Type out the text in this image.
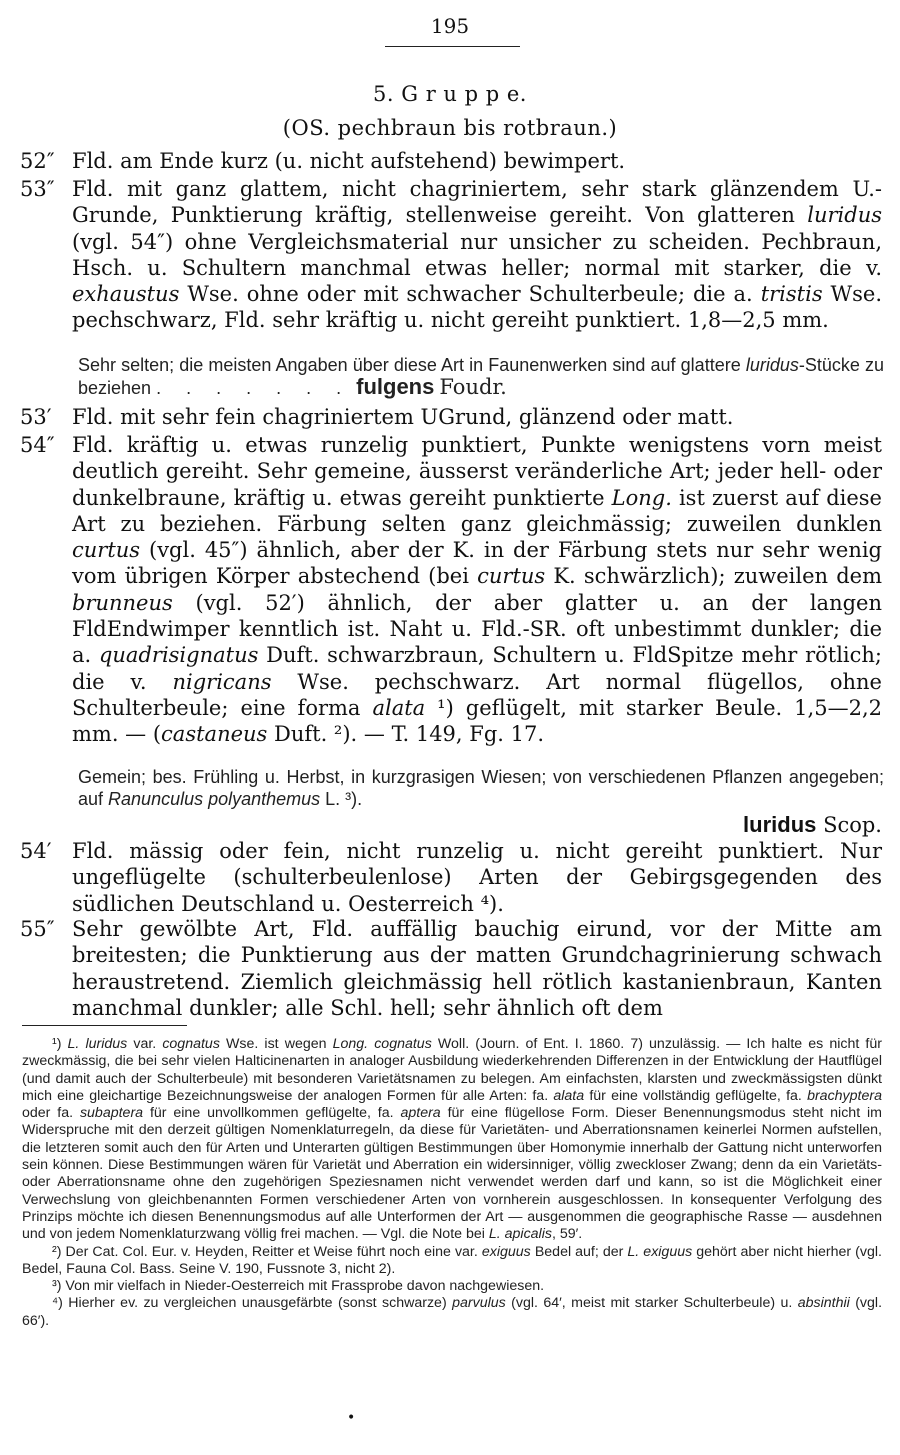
195
5. G r u p p e.
(OS. pechbraun bis rotbraun.)
52″ Fld. am Ende kurz (u. nicht aufstehend) bewimpert.
53″ Fld. mit ganz glattem, nicht chagriniertem, sehr stark glänzendem U.-Grunde, Punktierung kräftig, stellenweise gereiht. Von glatteren luridus (vgl. 54″) ohne Vergleichsmaterial nur unsicher zu scheiden. Pechbraun, Hsch. u. Schultern manchmal etwas heller; normal mit starker, die v. exhaustus Wse. ohne oder mit schwacher Schulterbeule; die a. tristis Wse. pechschwarz, Fld. sehr kräftig u. nicht gereiht punktiert. 1,8—2,5 mm.
Sehr selten; die meisten Angaben über diese Art in Faunenwerken sind auf glattere luridus-Stücke zu beziehen . . . . . . . fulgens Foudr.
53′ Fld. mit sehr fein chagriniertem UGrund, glänzend oder matt.
54″ Fld. kräftig u. etwas runzelig punktiert, Punkte wenigstens vorn meist deutlich gereiht. Sehr gemeine, äusserst veränderliche Art; jeder hell- oder dunkelbraune, kräftig u. etwas gereiht punktierte Long. ist zuerst auf diese Art zu beziehen. Färbung selten ganz gleichmässig; zuweilen dunklen curtus (vgl. 45″) ähnlich, aber der K. in der Färbung stets nur sehr wenig vom übrigen Körper abstechend (bei curtus K. schwärzlich); zuweilen dem brunneus (vgl. 52′) ähnlich, der aber glatter u. an der langen FldEndwimper kenntlich ist. Naht u. Fld.-SR. oft unbestimmt dunkler; die a. quadrisignatus Duft. schwarzbraun, Schultern u. FldSpitze mehr rötlich; die v. nigricans Wse. pechschwarz. Art normal flügellos, ohne Schulterbeule; eine forma alata ¹) geflügelt, mit starker Beule. 1,5—2,2 mm. — (castaneus Duft. ²). — T. 149, Fg. 17.
Gemein; bes. Frühling u. Herbst, in kurzgrasigen Wiesen; von verschiedenen Pflanzen angegeben; auf Ranunculus polyanthemus L. ³).
luridus Scop.
54′ Fld. mässig oder fein, nicht runzelig u. nicht gereiht punktiert. Nur ungeflügelte (schulterbeulenlose) Arten der Gebirgsgegenden des südlichen Deutschland u. Oesterreich ⁴).
55″ Sehr gewölbte Art, Fld. auffällig bauchig eirund, vor der Mitte am breitesten; die Punktierung aus der matten Grundchagrinierung schwach heraustretend. Ziemlich gleichmässig hell rötlich kastanienbraun, Kanten manchmal dunkler; alle Schl. hell; sehr ähnlich oft dem

¹) L. luridus var. cognatus Wse. ist wegen Long. cognatus Woll. (Journ. of Ent. I. 1860. 7) unzulässig. — Ich halte es nicht für zweckmässig, die bei sehr vielen Halticinenarten in analoger Ausbildung wiederkehrenden Differenzen in der Entwicklung der Hautflügel (und damit auch der Schulterbeule) mit besonderen Varietätsnamen zu belegen. Am einfachsten, klarsten und zweckmässigsten dünkt mich eine gleichartige Bezeichnungsweise der analogen Formen für alle Arten: fa. alata für eine vollständig geflügelte, fa. brachyptera oder fa. subaptera für eine unvollkommen geflügelte, fa. aptera für eine flügellose Form. Dieser Benennungsmodus steht nicht im Widerspruche mit den derzeit gültigen Nomenklaturregeln, da diese für Varietäten- und Aberrationsnamen keinerlei Normen aufstellen, die letzteren somit auch den für Arten und Unterarten gültigen Bestimmungen über Homonymie innerhalb der Gattung nicht unterworfen sein können. Diese Bestimmungen wären für Varietät und Aberration ein widersinniger, völlig zweckloser Zwang; denn da ein Varietäts- oder Aberrationsname ohne den zugehörigen Speziesnamen nicht verwendet werden darf und kann, so ist die Möglichkeit einer Verwechslung von gleichbenannten Formen verschiedener Arten von vornherein ausgeschlossen. In konsequenter Verfolgung des Prinzips möchte ich diesen Benennungsmodus auf alle Unterformen der Art — ausgenommen die geographische Rasse — ausdehnen und von jedem Nomenklaturzwang völlig frei machen. — Vgl. die Note bei L. apicalis, 59′.

²) Der Cat. Col. Eur. v. Heyden, Reitter et Weise führt noch eine var. exiguus Bedel auf; der L. exiguus gehört aber nicht hierher (vgl. Bedel, Fauna Col. Bass. Seine V. 190, Fussnote 3, nicht 2).

³) Von mir vielfach in Nieder-Oesterreich mit Frassprobe davon nachgewiesen.

⁴) Hierher ev. zu vergleichen unausgefärbte (sonst schwarze) parvulus (vgl. 64′, meist mit starker Schulterbeule) u. absinthii (vgl. 66′).

•
